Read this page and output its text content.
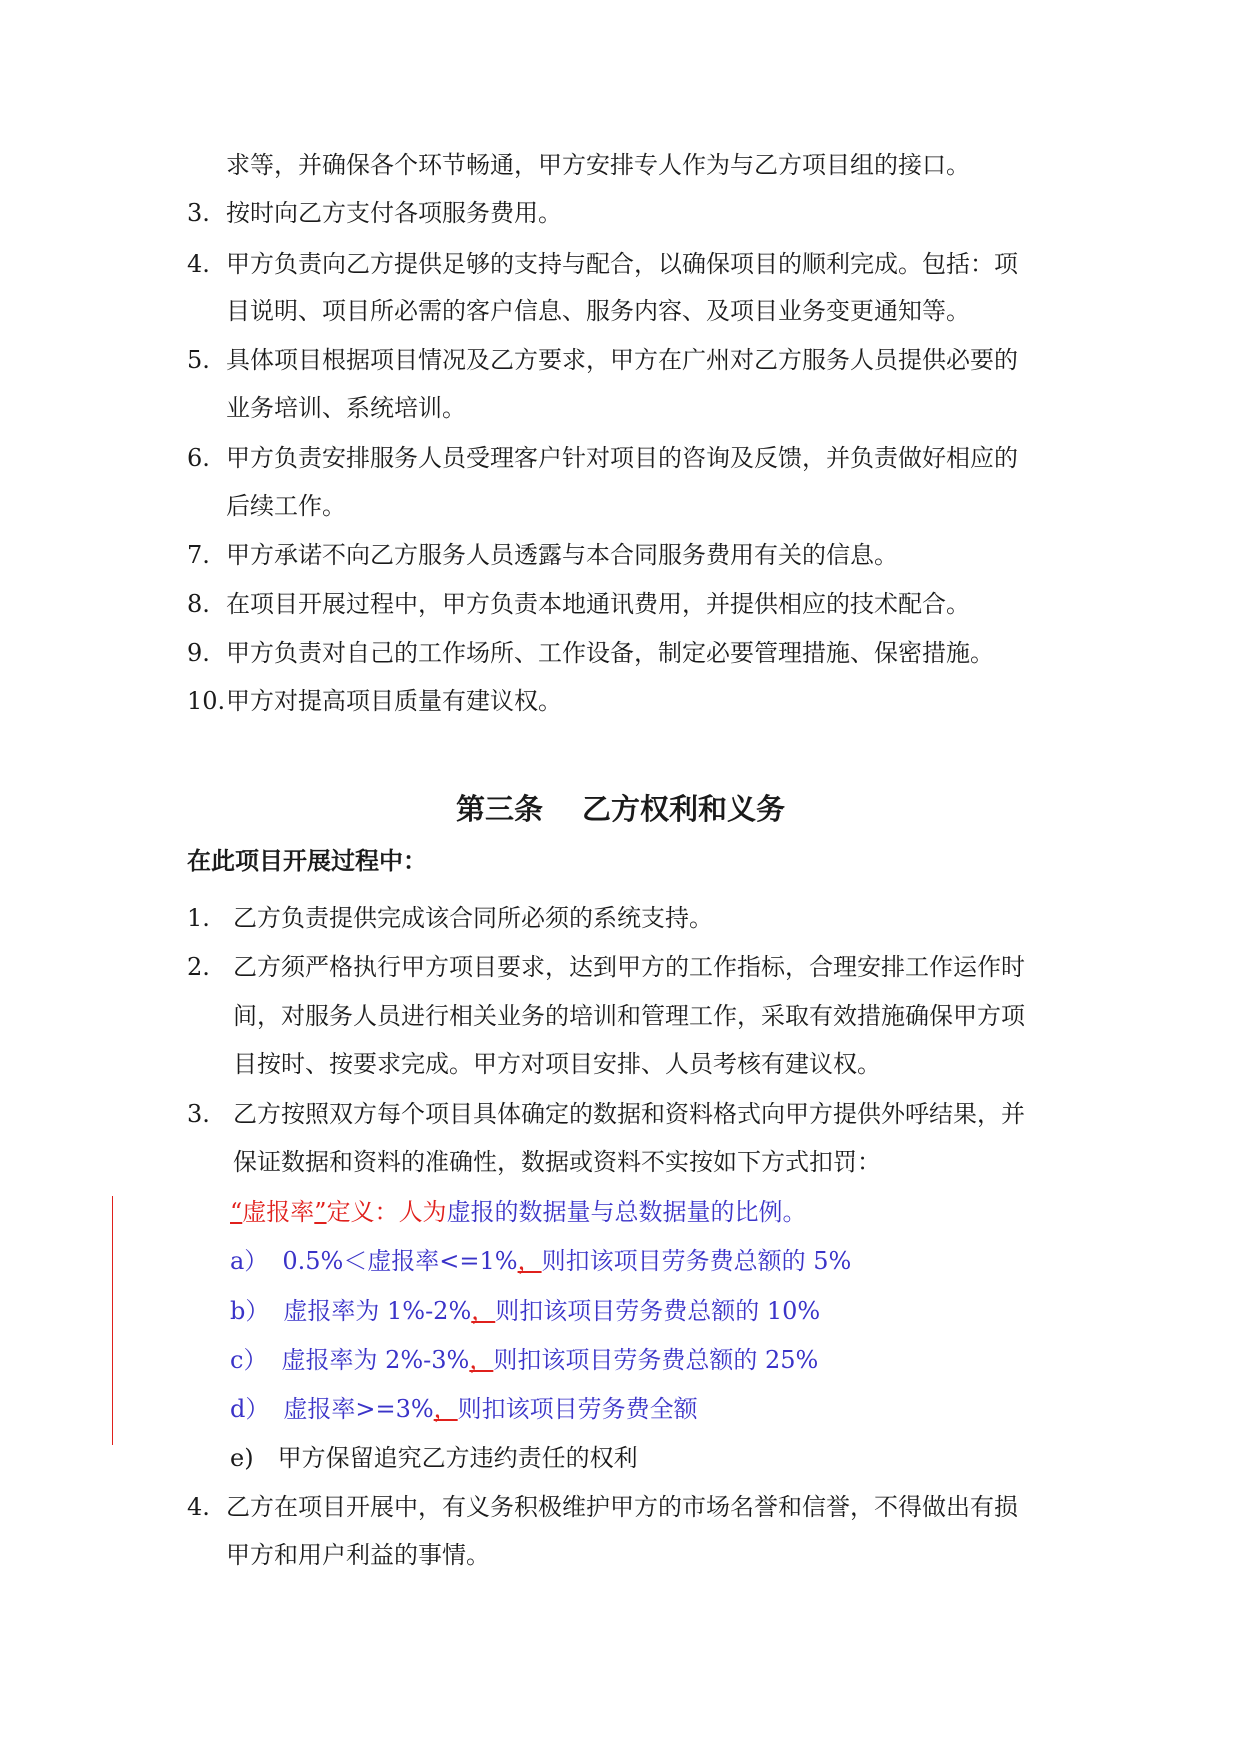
求等，并确保各个环节畅通，甲方安排专人作为与乙方项目组的接口。
3. 按时向乙方支付各项服务费用。
4. 甲方负责向乙方提供足够的支持与配合，以确保项目的顺利完成。包括：项
目说明、项目所必需的客户信息、服务内容、及项目业务变更通知等。
5. 具体项目根据项目情况及乙方要求，甲方在广州对乙方服务人员提供必要的
业务培训、系统培训。
6. 甲方负责安排服务人员受理客户针对项目的咨询及反馈，并负责做好相应的
后续工作。
7. 甲方承诺不向乙方服务人员透露与本合同服务费用有关的信息。
8. 在项目开展过程中，甲方负责本地通讯费用，并提供相应的技术配合。
9. 甲方负责对自己的工作场所、工作设备，制定必要管理措施、保密措施。
10. 甲方对提高项目质量有建议权。
第三条　 乙方权利和义务
在此项目开展过程中：
1. 乙方负责提供完成该合同所必须的系统支持。
2. 乙方须严格执行甲方项目要求，达到甲方的工作指标，合理安排工作运作时
间，对服务人员进行相关业务的培训和管理工作，采取有效措施确保甲方项
目按时、按要求完成。甲方对项目安排、人员考核有建议权。
3. 乙方按照双方每个项目具体确定的数据和资料格式向甲方提供外呼结果，并
保证数据和资料的准确性，数据或资料不实按如下方式扣罚：
“虚报率”定义：人为虚报的数据量与总数据量的比例。
a） 0.5%＜虚报率<=1%，则扣该项目劳务费总额的 5%
b） 虚报率为 1%-2%，则扣该项目劳务费总额的 10%
c） 虚报率为 2%-3%，则扣该项目劳务费总额的 25%
d） 虚报率>=3%，则扣该项目劳务费全额
e) 甲方保留追究乙方违约责任的权利
4. 乙方在项目开展中，有义务积极维护甲方的市场名誉和信誉，不得做出有损
甲方和用户利益的事情。
